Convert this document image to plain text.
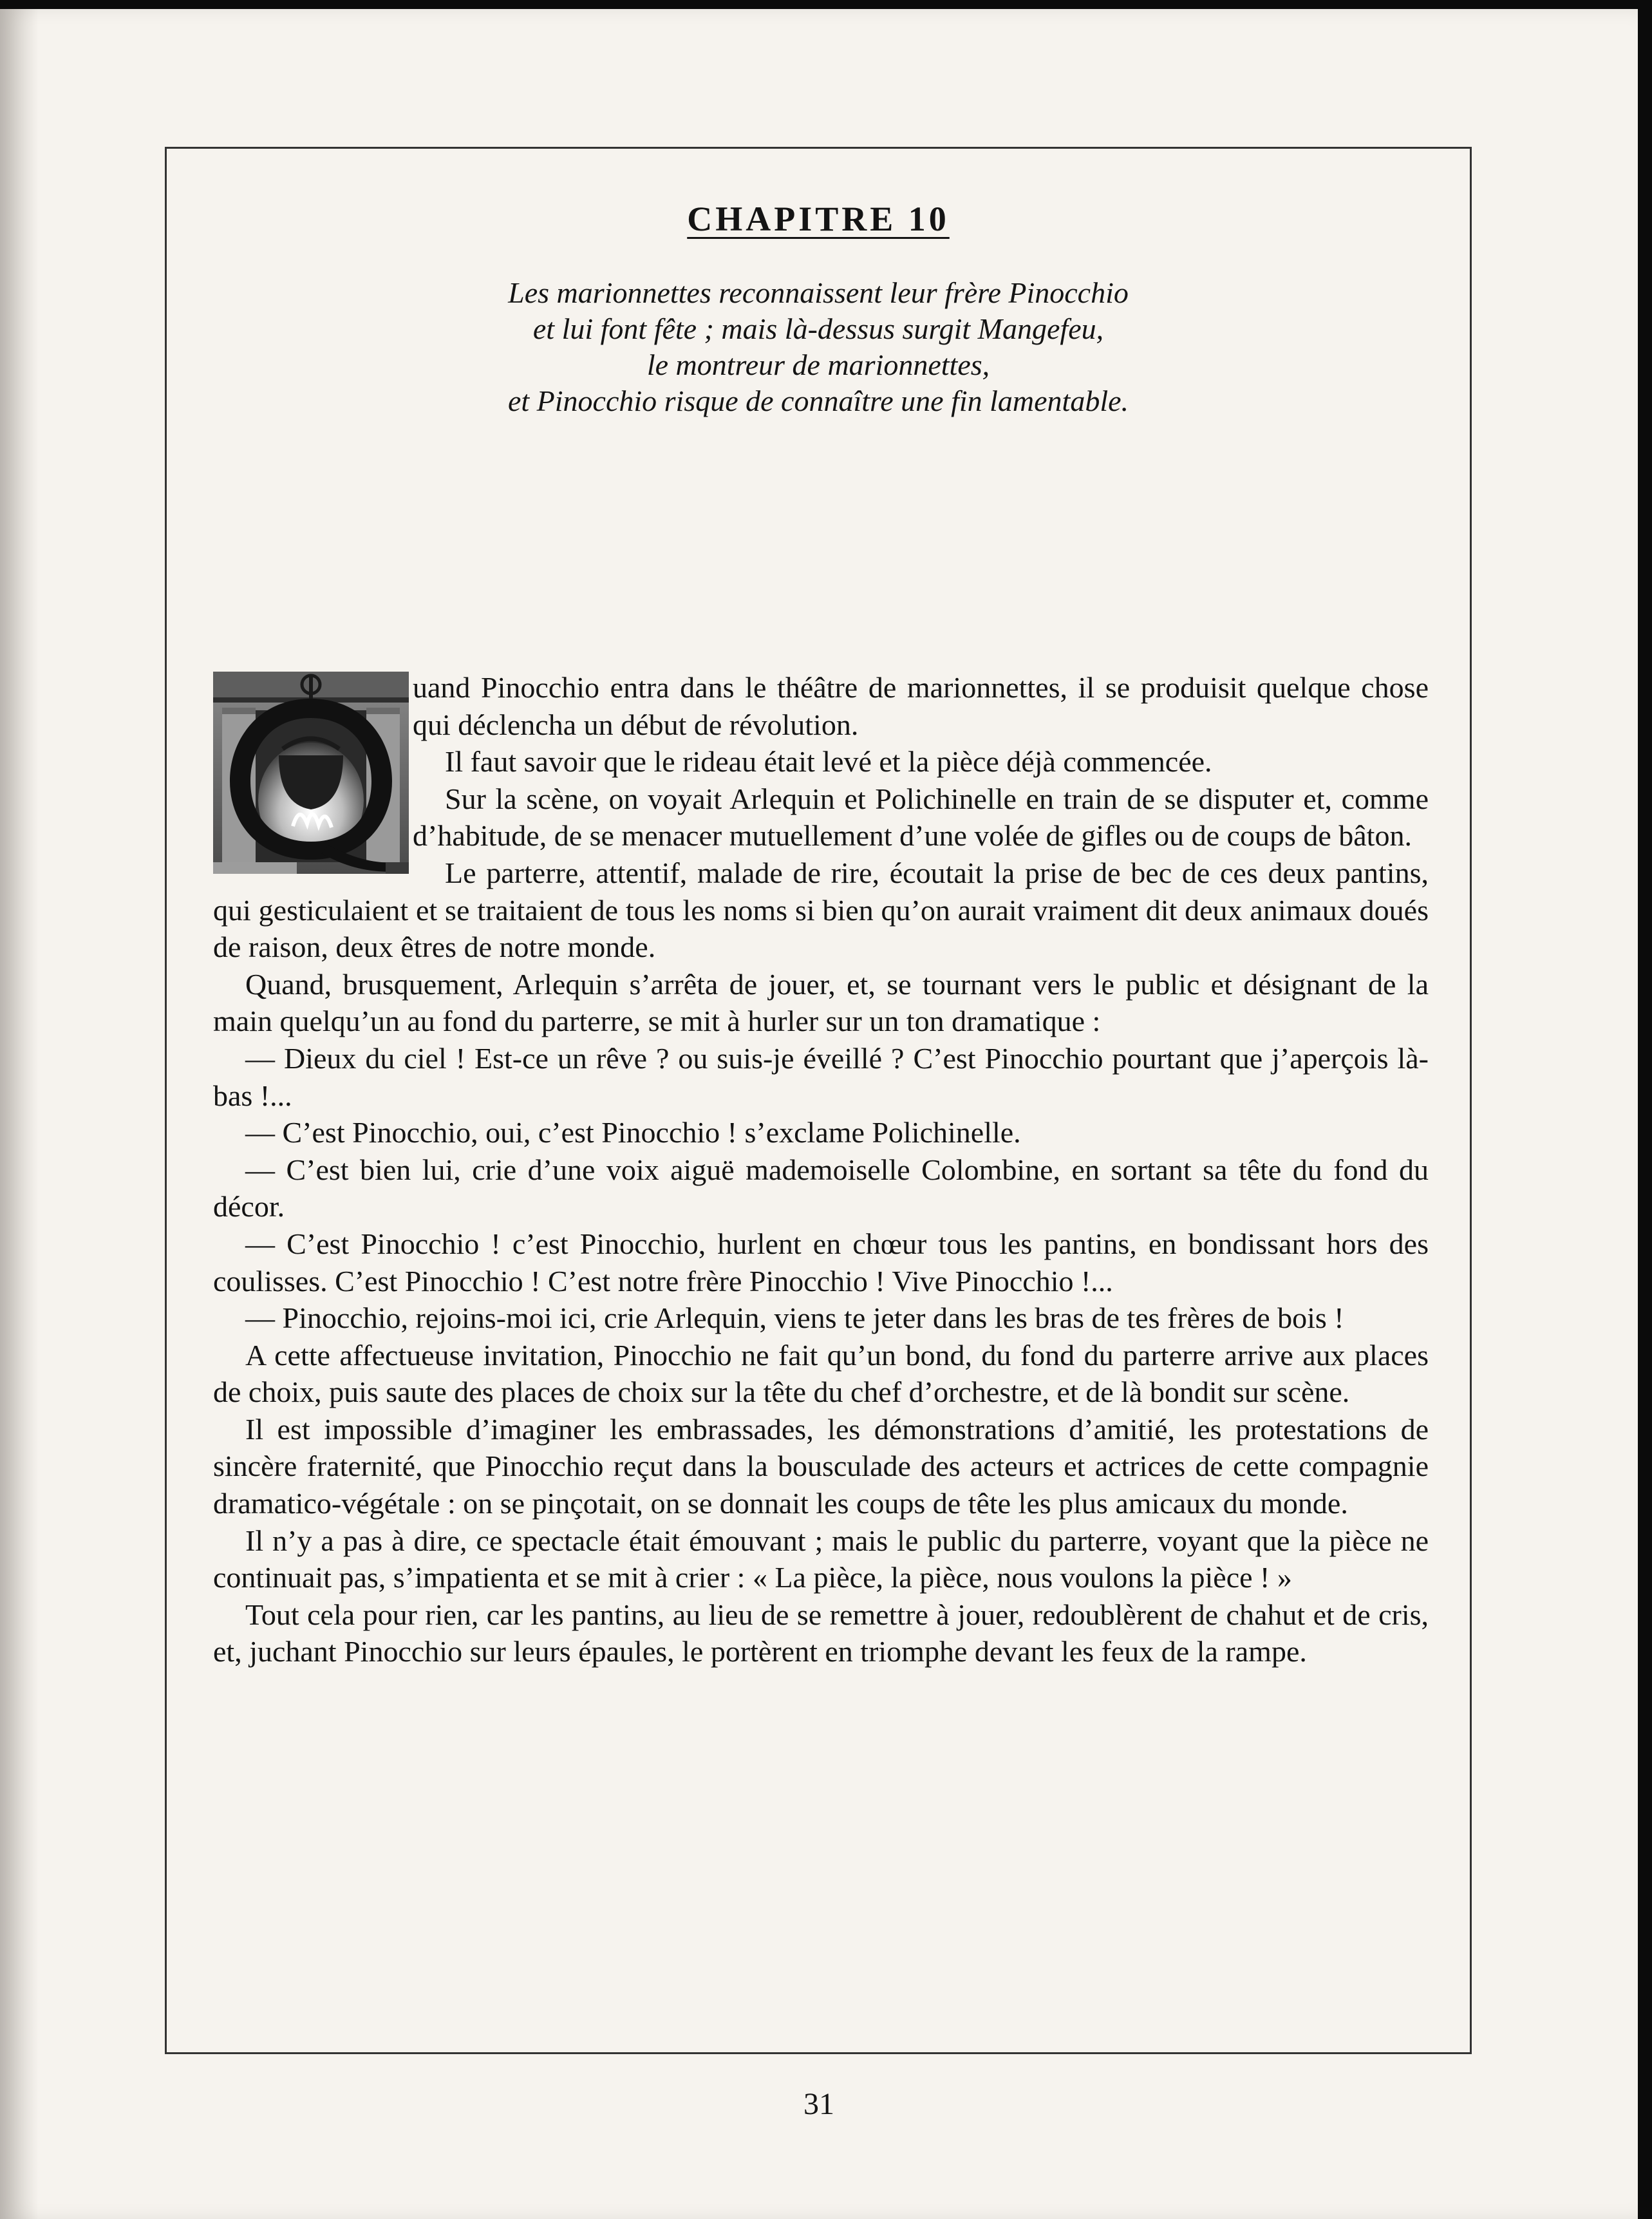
CHAPITRE 10
Les marionnettes reconnaissent leur frère Pinocchio
et lui font fête ; mais là-dessus surgit Mangefeu,
le montreur de marionnettes,
et Pinocchio risque de connaître une fin lamentable.

uand Pinocchio entra dans le théâtre de marionnettes, il se produisit quelque chose qui déclencha un début de révolution.

Il faut savoir que le rideau était levé et la pièce déjà commencée.

Sur la scène, on voyait Arlequin et Polichinelle en train de se disputer et, comme d’habitude, de se menacer mutuellement d’une volée de gifles ou de coups de bâton.

Le parterre, attentif, malade de rire, écoutait la prise de bec de ces deux pantins, qui gesticulaient et se traitaient de tous les noms si bien qu’on aurait vraiment dit deux animaux doués de raison, deux êtres de notre monde.

Quand, brusquement, Arlequin s’arrêta de jouer, et, se tournant vers le public et désignant de la main quelqu’un au fond du parterre, se mit à hurler sur un ton dramatique :

— Dieux du ciel ! Est-ce un rêve ? ou suis-je éveillé ? C’est Pinocchio pourtant que j’aperçois là-bas !...

— C’est Pinocchio, oui, c’est Pinocchio ! s’exclame Polichinelle.

— C’est bien lui, crie d’une voix aiguë mademoiselle Colombine, en sortant sa tête du fond du décor.

— C’est Pinocchio ! c’est Pinocchio, hurlent en chœur tous les pantins, en bondissant hors des coulisses. C’est Pinocchio ! C’est notre frère Pinocchio ! Vive Pinocchio !...

— Pinocchio, rejoins-moi ici, crie Arlequin, viens te jeter dans les bras de tes frères de bois !

A cette affectueuse invitation, Pinocchio ne fait qu’un bond, du fond du parterre arrive aux places de choix, puis saute des places de choix sur la tête du chef d’orchestre, et de là bondit sur scène.

Il est impossible d’imaginer les embrassades, les démonstrations d’amitié, les protestations de sincère fraternité, que Pinocchio reçut dans la bousculade des acteurs et actrices de cette compagnie dramatico-végétale : on se pinçotait, on se donnait les coups de tête les plus amicaux du monde.

Il n’y a pas à dire, ce spectacle était émouvant ; mais le public du parterre, voyant que la pièce ne continuait pas, s’impatienta et se mit à crier : « La pièce, la pièce, nous voulons la pièce ! »

Tout cela pour rien, car les pantins, au lieu de se remettre à jouer, redoublèrent de chahut et de cris, et, juchant Pinocchio sur leurs épaules, le portèrent en triomphe devant les feux de la rampe.

31
